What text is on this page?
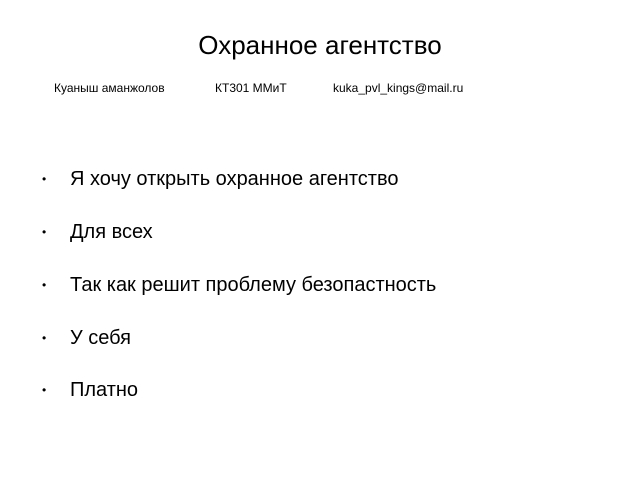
Охранное агентство
Куаныш аманжолов	КТ301 ММиТ	kuka_pvl_kings@mail.ru
•	Я хочу открыть охранное агентство
•	Для всех
•	Так как решит проблему безопастность
•	У себя
•	Платно
